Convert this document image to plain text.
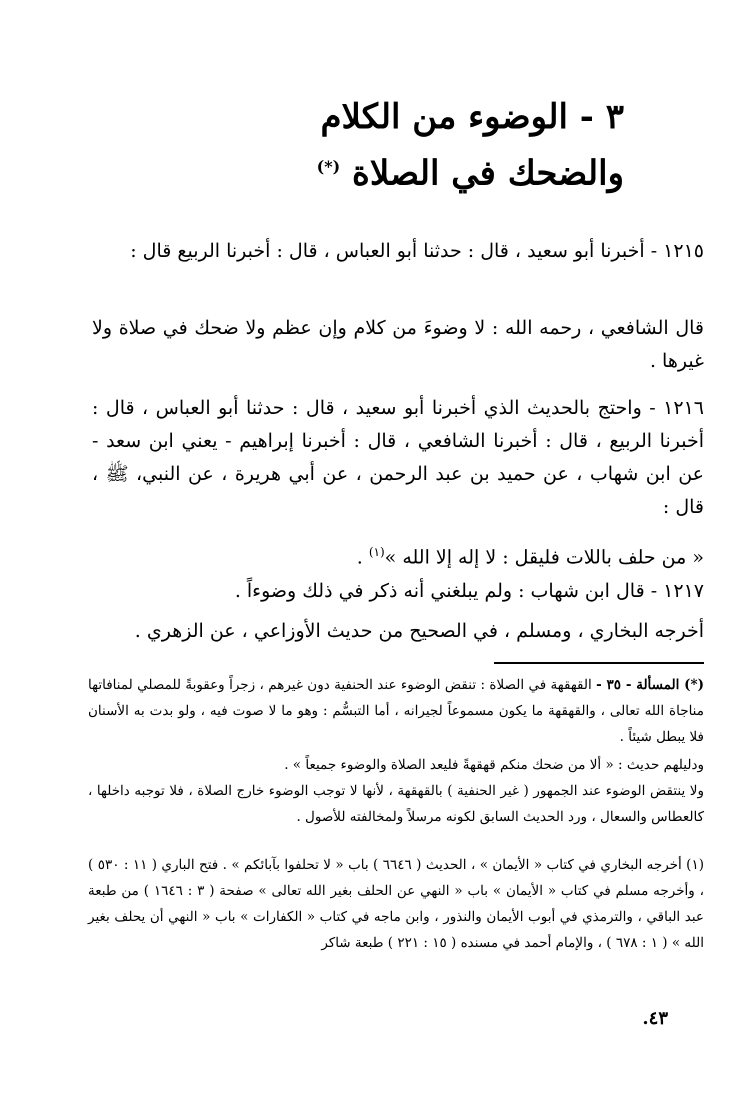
٣ - الوضوء من الكلام
والضحك في الصلاة (*)

١٢١٥ - أخبرنا أبو سعيد ، قال : حدثنا أبو العباس ، قال : أخبرنا الربيع قال :

قال الشافعي ، رحمه الله : لا وضوءَ من كلام وإن عظم ولا ضحك في صلاة ولا غيرها .

١٢١٦ - واحتج بالحديث الذي أخبرنا أبو سعيد ، قال : حدثنا أبو العباس ، قال : أخبرنا الربيع ، قال : أخبرنا الشافعي ، قال : أخبرنا إبراهيم - يعني ابن سعد - عن ابن شهاب ، عن حميد بن عبد الرحمن ، عن أبي هريرة ، عن النبي، ﷺ ، قال :

« من حلف باللات فليقل : لا إله إلا الله »$^{(١)}$ .

١٢١٧ - قال ابن شهاب : ولم يبلغني أنه ذكر في ذلك وضوءاً .

أخرجه البخاري ، ومسلم ، في الصحيح من حديث الأوزاعي ، عن الزهري .

(*) المسألة - ٣٥ - القهقهة في الصلاة : تنقض الوضوء عند الحنفية دون غيرهم ، زجراً وعقوبةً للمصلي لمنافاتها مناجاة الله تعالى ، والقهقهة ما يكون مسموعاً لجيرانه ، أما التبسُّم : وهو ما لا صوت فيه ، ولو بدت به الأسنان فلا يبطل شيئاً .

ودليلهم حديث : « ألا من ضحك منكم قهقهةً فليعد الصلاة والوضوء جميعاً » .

ولا ينتقض الوضوء عند الجمهور ( غير الحنفية ) بالقهقهة ، لأنها لا توجب الوضوء خارج الصلاة ، فلا توجبه داخلها ، كالعطاس والسعال ، ورد الحديث السابق لكونه مرسلاً ولمخالفته للأصول .

(١) أخرجه البخاري في كتاب « الأيمان » ، الحديث ( ٦٦٤٦ ) باب « لا تحلفوا بآبائكم » . فتح الباري ( ١١ : ٥٣٠ ) ، وأخرجه مسلم في كتاب « الأيمان » باب « النهي عن الحلف بغير الله تعالى » صفحة ( ٣ : ١٦٤٦ ) من طبعة عبد الباقي ، والترمذي في أبوب الأيمان والنذور ، وابن ماجه في كتاب « الكفارات » باب « النهي أن يحلف بغير الله » ( ١ : ٦٧٨ ) ، والإمام أحمد في مسنده ( ١٥ : ٢٢١ ) طبعة شاكر

٤٣.
